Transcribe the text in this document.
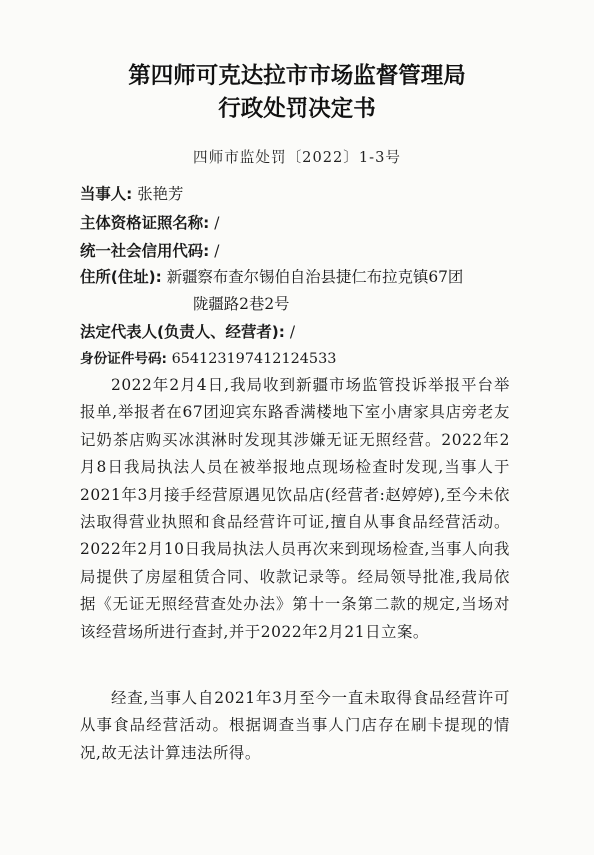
第四师可克达拉市市场监督管理局
行政处罚决定书
四师市监处罚〔2022〕1-3号
当事人: 张艳芳
主体资格证照名称: /
统一社会信用代码: /
住所(住址): 新疆察布查尔锡伯自治县捷仁布拉克镇67团
陇疆路2巷2号
法定代表人(负责人、经营者): /
身份证件号码: 654123197412124533
2022年2月4日,我局收到新疆市场监管投诉举报平台举报单,举报者在67团迎宾东路香满楼地下室小唐家具店旁老友记奶茶店购买冰淇淋时发现其涉嫌无证无照经营。2022年2月8日我局执法人员在被举报地点现场检查时发现,当事人于2021年3月接手经营原遇见饮品店(经营者:赵婷婷),至今未依法取得营业执照和食品经营许可证,擅自从事食品经营活动。2022年2月10日我局执法人员再次来到现场检查,当事人向我局提供了房屋租赁合同、收款记录等。经局领导批准,我局依据《无证无照经营查处办法》第十一条第二款的规定,当场对该经营场所进行查封,并于2022年2月21日立案。
经查,当事人自2021年3月至今一直未取得食品经营许可从事食品经营活动。根据调查当事人门店存在刷卡提现的情况,故无法计算违法所得。
